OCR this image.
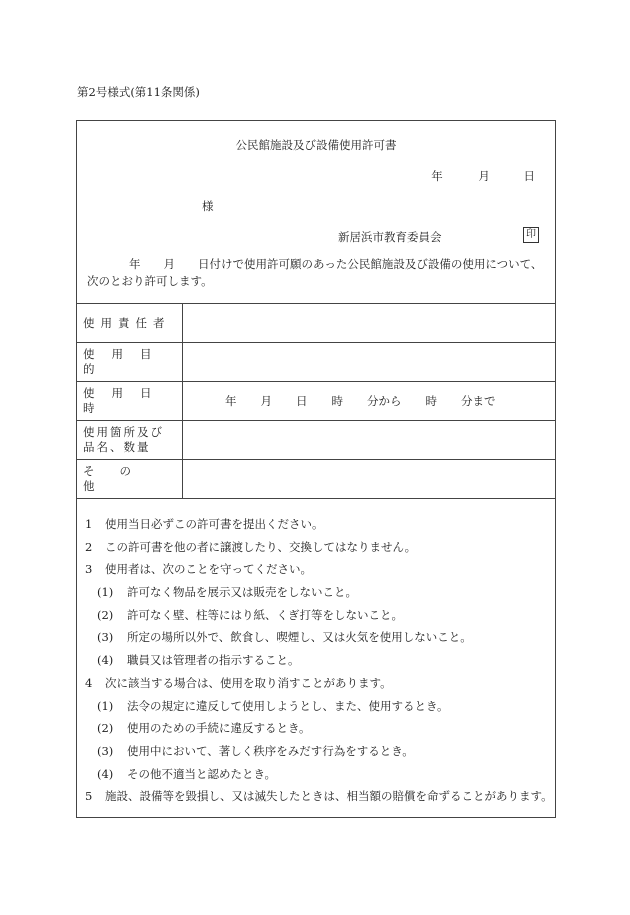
第2号様式(第11条関係)
公民館施設及び設備使用許可書
年	月	日
様
新居浜市教育委員会	印
年　　月　　日付けで使用許可願のあった公民館施設及び設備の使用について、次のとおり許可します。
使用責任者
使用目的
使用日時	年 月 日 時 分から 時 分まで
使用箇所及び品名、数量
その他
1 使用当日必ずこの許可書を提出ください。
2 この許可書を他の者に譲渡したり、交換してはなりません。
3 使用者は、次のことを守ってください。
(1) 許可なく物品を展示又は販売をしないこと。
(2) 許可なく壁、柱等にはり紙、くぎ打等をしないこと。
(3) 所定の場所以外で、飲食し、喫煙し、又は火気を使用しないこと。
(4) 職員又は管理者の指示すること。
4 次に該当する場合は、使用を取り消すことがあります。
(1) 法令の規定に違反して使用しようとし、また、使用するとき。
(2) 使用のための手続に違反するとき。
(3) 使用中において、著しく秩序をみだす行為をするとき。
(4) その他不適当と認めたとき。
5 施設、設備等を毀損し、又は滅失したときは、相当額の賠償を命ずることがあります。
